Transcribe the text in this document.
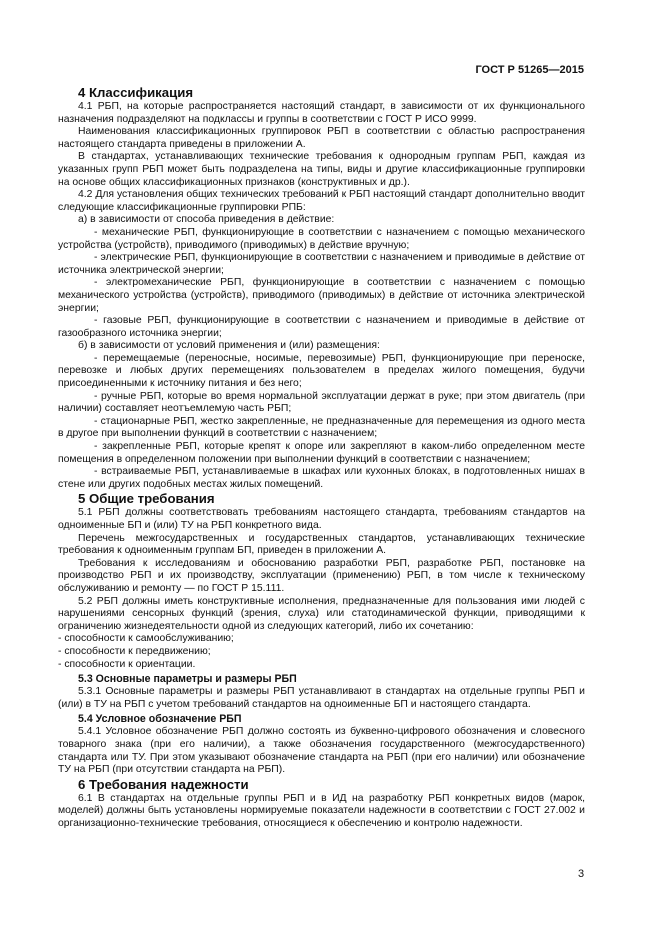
ГОСТ Р 51265—2015
4 Классификация

4.1 РБП, на которые распространяется настоящий стандарт, в зависимости от их функционального назначения подразделяют на подклассы и группы в соответствии с ГОСТ Р ИСО 9999.

Наименования классификационных группировок РБП в соответствии с областью распространения настоящего стандарта приведены в приложении А.

В стандартах, устанавливающих технические требования к однородным группам РБП, каждая из указанных групп РБП может быть подразделена на типы, виды и другие классификационные группировки на основе общих классификационных признаков (конструктивных и др.).

4.2 Для установления общих технических требований к РБП настоящий стандарт дополнительно вводит следующие классификационные группировки РПБ:

а) в зависимости от способа приведения в действие:

- механические РБП, функционирующие в соответствии с назначением с помощью механического устройства (устройств), приводимого (приводимых) в действие вручную;

- электрические РБП, функционирующие в соответствии с назначением и приводимые в действие от источника электрической энергии;

- электромеханические РБП, функционирующие в соответствии с назначением с помощью механического устройства (устройств), приводимого (приводимых) в действие от источника электрической энергии;

- газовые РБП, функционирующие в соответствии с назначением и приводимые в действие от газообразного источника энергии;

б) в зависимости от условий применения и (или) размещения:

- перемещаемые (переносные, носимые, перевозимые) РБП, функционирующие при переноске, перевозке и любых других перемещениях пользователем в пределах жилого помещения, будучи присоединенными к источнику питания и без него;

- ручные РБП, которые во время нормальной эксплуатации держат в руке; при этом двигатель (при наличии) составляет неотъемлемую часть РБП;

- стационарные РБП, жестко закрепленные, не предназначенные для перемещения из одного места в другое при выполнении функций в соответствии с назначением;

- закрепленные РБП, которые крепят к опоре или закрепляют в каком-либо определенном месте помещения в определенном положении при выполнении функций в соответствии с назначением;

- встраиваемые РБП, устанавливаемые в шкафах или кухонных блоках, в подготовленных нишах в стене или других подобных местах жилых помещений.

5 Общие требования

5.1 РБП должны соответствовать требованиям настоящего стандарта, требованиям стандартов на одноименные БП и (или) ТУ на РБП конкретного вида.

Перечень межгосударственных и государственных стандартов, устанавливающих технические требования к одноименным группам БП, приведен в приложении А.

Требования к исследованиям и обоснованию разработки РБП, разработке РБП, постановке на производство РБП и их производству, эксплуатации (применению) РБП, в том числе к техническому обслуживанию и ремонту — по ГОСТ Р 15.111.

5.2 РБП должны иметь конструктивные исполнения, предназначенные для пользования ими людей с нарушениями сенсорных функций (зрения, слуха) или статодинамической функции, приводящими к ограничению жизнедеятельности одной из следующих категорий, либо их сочетанию:

- способности к самообслуживанию;

- способности к передвижению;

- способности к ориентации.

5.3 Основные параметры и размеры РБП

5.3.1 Основные параметры и размеры РБП устанавливают в стандартах на отдельные группы РБП и (или) в ТУ на РБП с учетом требований стандартов на одноименные БП и настоящего стандарта.

5.4 Условное обозначение РБП

5.4.1 Условное обозначение РБП должно состоять из буквенно-цифрового обозначения и словесного товарного знака (при его наличии), а также обозначения государственного (межгосударственного) стандарта или ТУ. При этом указывают обозначение стандарта на РБП (при его наличии) или обозначение ТУ на РБП (при отсутствии стандарта на РБП).

6 Требования надежности

6.1 В стандартах на отдельные группы РБП и в ИД на разработку РБП конкретных видов (марок, моделей) должны быть установлены нормируемые показатели надежности в соответствии с ГОСТ 27.002 и организационно-технические требования, относящиеся к обеспечению и контролю надежности.

3
